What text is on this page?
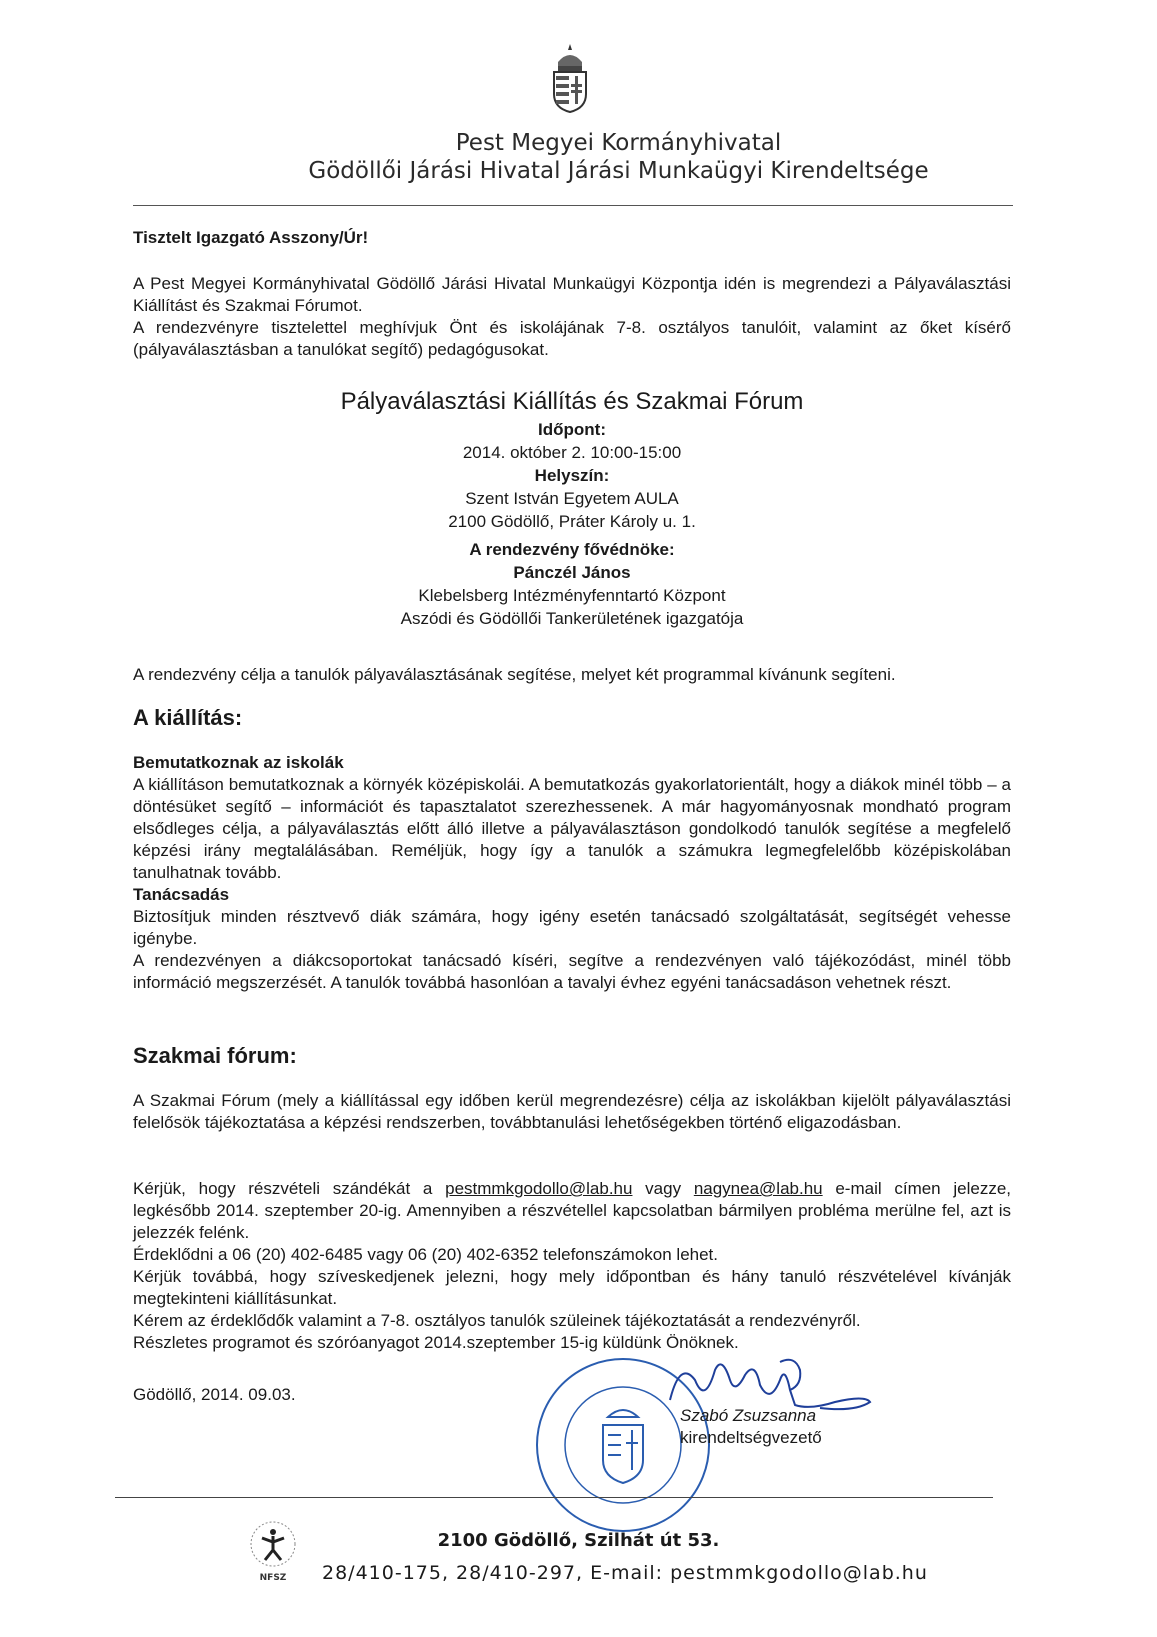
Pest Megyei Kormányhivatal
Gödöllői Járási Hivatal Járási Munkaügyi Kirendeltsége
Tisztelt Igazgató Asszony/Úr!
A Pest Megyei Kormányhivatal Gödöllő Járási Hivatal Munkaügyi Központja idén is megrendezi a Pályaválasztási Kiállítást és Szakmai Fórumot.
A rendezvényre tisztelettel meghívjuk Önt és iskolájának 7-8. osztályos tanulóit, valamint az őket kísérő (pályaválasztásban a tanulókat segítő) pedagógusokat.
Pályaválasztási Kiállítás és Szakmai Fórum
Időpont:
2014. október 2. 10:00-15:00
Helyszín:
Szent István Egyetem AULA
2100 Gödöllő, Práter Károly u. 1.
A rendezvény fővédnöke:
Pánczél János
Klebelsberg Intézményfenntartó Központ
Aszódi és Gödöllői Tankerületének igazgatója
A rendezvény célja a tanulók pályaválasztásának segítése, melyet két programmal kívánunk segíteni.
A kiállítás:
Bemutatkoznak az iskolák
A kiállításon bemutatkoznak a környék középiskolái. A bemutatkozás gyakorlatorientált, hogy a diákok minél több – a döntésüket segítő – információt és tapasztalatot szerezhessenek. A már hagyományosnak mondható program elsődleges célja, a pályaválasztás előtt álló illetve a pályaválasztáson gondolkodó tanulók segítése a megfelelő képzési irány megtalálásában. Reméljük, hogy így a tanulók a számukra legmegfelelőbb középiskolában tanulhatnak tovább.
Tanácsadás
Biztosítjuk minden résztvevő diák számára, hogy igény esetén tanácsadó szolgáltatását, segítségét vehesse igénybe.
A rendezvényen a diákcsoportokat tanácsadó kíséri, segítve a rendezvényen való tájékozódást, minél több információ megszerzését. A tanulók továbbá hasonlóan a tavalyi évhez egyéni tanácsadáson vehetnek részt.
Szakmai fórum:
A Szakmai Fórum (mely a kiállítással egy időben kerül megrendezésre) célja az iskolákban kijelölt pályaválasztási felelősök tájékoztatása a képzési rendszerben, továbbtanulási lehetőségekben történő eligazodásban.
Kérjük, hogy részvételi szándékát a pestmmkgodollo@lab.hu vagy nagynea@lab.hu e-mail címen jelezze, legkésőbb 2014. szeptember 20-ig. Amennyiben a részvétellel kapcsolatban bármilyen probléma merülne fel, azt is jelezzék felénk.
Érdeklődni a 06 (20) 402-6485 vagy 06 (20) 402-6352 telefonszámokon lehet.
Kérjük továbbá, hogy szíveskedjenek jelezni, hogy mely időpontban és hány tanuló részvételével kívánják megtekinteni kiállításunkat.
Kérem az érdeklődők valamint a 7-8. osztályos tanulók szüleinek tájékoztatását a rendezvényről.
Részletes programot és szóróanyagot 2014.szeptember 15-ig küldünk Önöknek.
Gödöllő, 2014. 09.03.
Szabó Zsuzsanna
kirendeltségvezető
NFSZ
2100 Gödöllő, Szilhát út 53.
28/410-175, 28/410-297, E-mail: pestmmkgodollo@lab.hu
